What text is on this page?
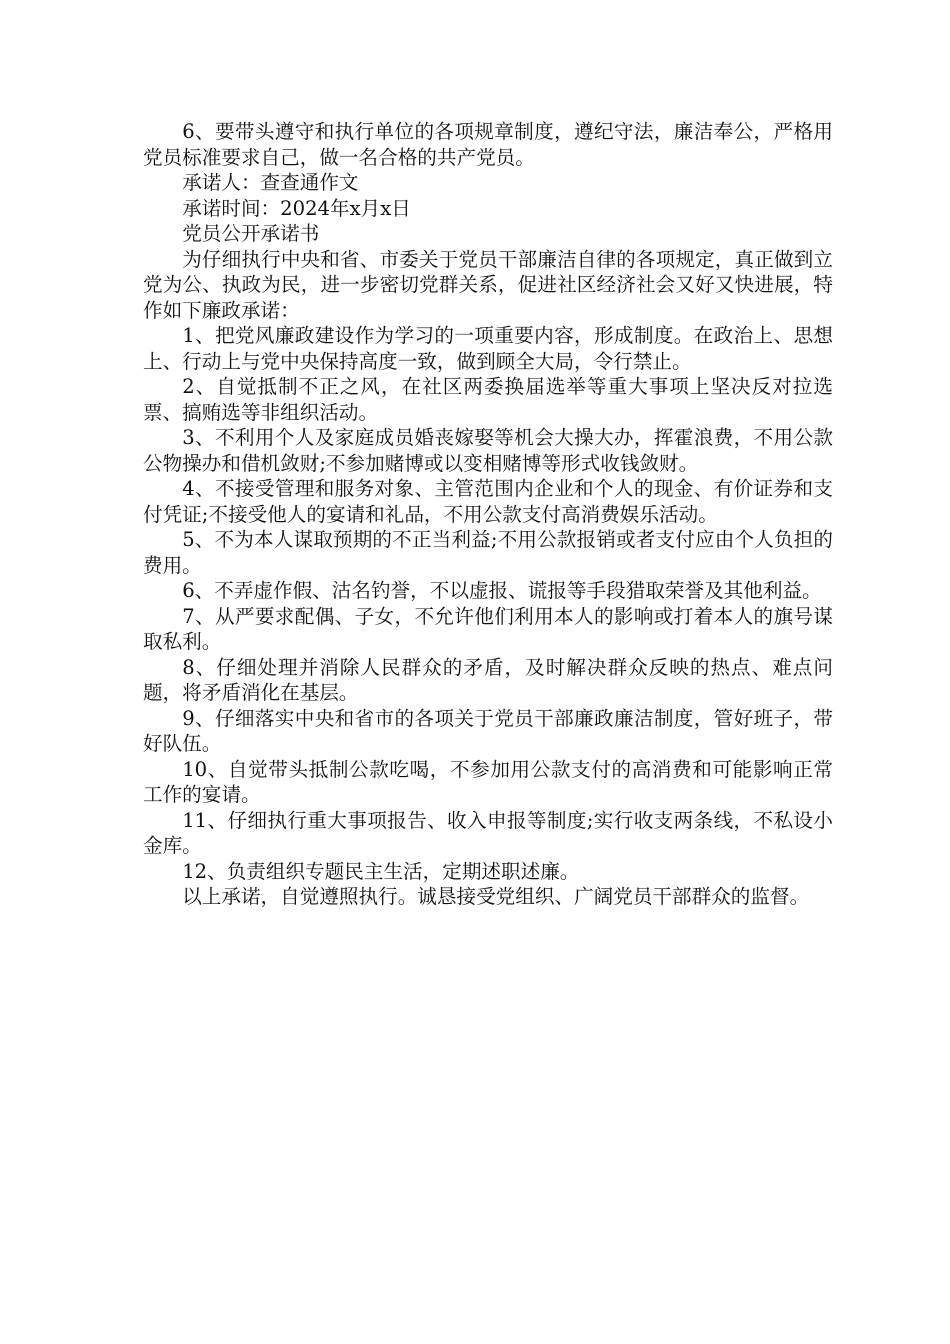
6、要带头遵守和执行单位的各项规章制度，遵纪守法，廉洁奉公，严格用党员标准要求自己，做一名合格的共产党员。

承诺人：查查通作文

承诺时间：2024年x月x日

党员公开承诺书

为仔细执行中央和省、市委关于党员干部廉洁自律的各项规定，真正做到立党为公、执政为民，进一步密切党群关系，促进社区经济社会又好又快进展，特作如下廉政承诺：

1、把党风廉政建设作为学习的一项重要内容，形成制度。在政治上、思想上、行动上与党中央保持高度一致，做到顾全大局，令行禁止。

2、自觉抵制不正之风，在社区两委换届选举等重大事项上坚决反对拉选票、搞贿选等非组织活动。

3、不利用个人及家庭成员婚丧嫁娶等机会大操大办，挥霍浪费，不用公款公物操办和借机敛财;不参加赌博或以变相赌博等形式收钱敛财。

4、不接受管理和服务对象、主管范围内企业和个人的现金、有价证券和支付凭证;不接受他人的宴请和礼品，不用公款支付高消费娱乐活动。

5、不为本人谋取预期的不正当利益;不用公款报销或者支付应由个人负担的费用。

6、不弄虚作假、沽名钓誉，不以虚报、谎报等手段猎取荣誉及其他利益。

7、从严要求配偶、子女，不允许他们利用本人的影响或打着本人的旗号谋取私利。

8、仔细处理并消除人民群众的矛盾，及时解决群众反映的热点、难点问题，将矛盾消化在基层。

9、仔细落实中央和省市的各项关于党员干部廉政廉洁制度，管好班子，带好队伍。

10、自觉带头抵制公款吃喝，不参加用公款支付的高消费和可能影响正常工作的宴请。

11、仔细执行重大事项报告、收入申报等制度;实行收支两条线，不私设小金库。

12、负责组织专题民主生活，定期述职述廉。

以上承诺，自觉遵照执行。诚恳接受党组织、广阔党员干部群众的监督。
